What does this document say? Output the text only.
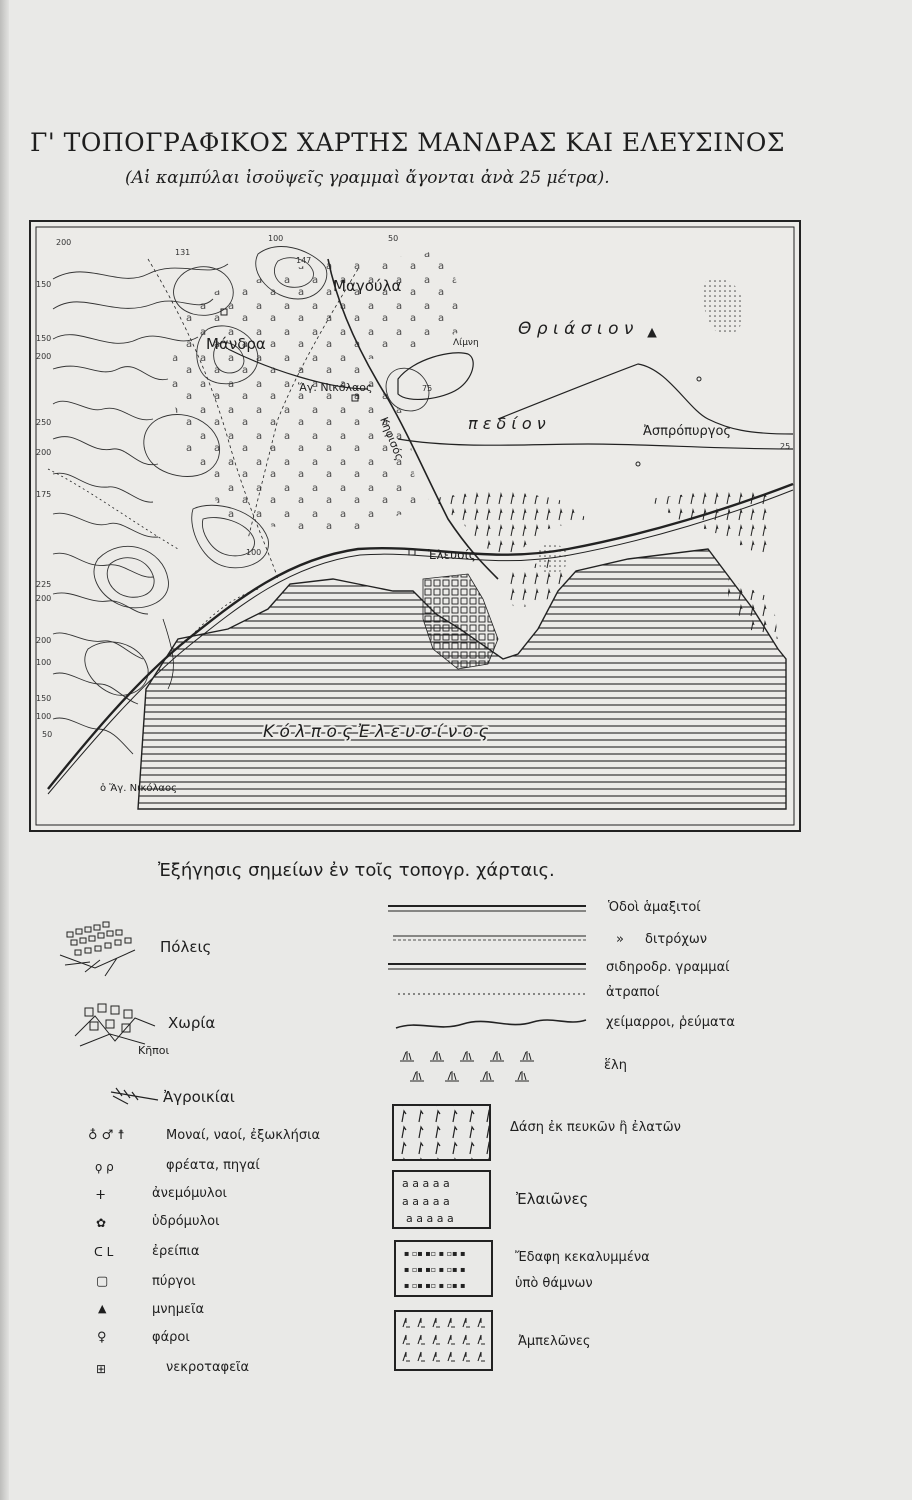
Γ' ΤΟΠΟΓΡΑΦΙΚΟΣ ΧΑΡΤΗΣ ΜΑΝΔΡΑΣ ΚΑΙ ΕΛΕΥΣΙΝΟΣ
(Αἱ καμπύλαι ἰσοϋψεῖς γραμμαὶ ἄγονται ἀνὰ 25 μέτρα).
Μαγούλα
Μάνδρα
Ἅγ. Νικόλαος
Θ ρ ι ά σ ι ο ν
Λίμνη
π ε δ ί ο ν	Ἀσπρόπυργος
Κηφισός
Ἐλευσίς
Κ ό λ π ο ς Ἐ λ ε υ σ ί ν ο ς
ὁ Ἅγ. Νικόλαος
200
131
100	50
147
75
100
150
150
200
250
200
175
225
200
200
100
150
100
50
25
Ἐξήγησις σημείων ἐν τοῖς τοπογρ. χάρταις.
Πόλεις
Χωρία
Κῆποι
Ἀγροικίαι
♁ ♂ ☨	Μοναί, ναοί, ἐξωκλήσια
ϙ ρ	φρέατα, πηγαί
ⵜ	ἀνεμόμυλοι
✿	ὑδρόμυλοι
ᑕ ᒪ	ἐρείπια
▢	πύργοι
▲	μνημεῖα
♀	φάροι
⊞	νεκροταφεῖα
Ὁδοὶ ἁμαξιτοί
» διτρόχων
σιδηροδρ. γραμμαί
ἀτραποί
χείμαρροι, ῥεύματα
ἕλη
Δάση ἐκ πευκῶν ἢ ἐλατῶν
a a a a a
a a a a a
a a a a a
Ἐλαιῶνες
▪ ▫▪ ▪▫ ▪ ▫▪ ▪
▪ ▫▪ ▪▫ ▪ ▫▪ ▪
▪ ▫▪ ▪▫ ▪ ▫▪ ▪
Ἔδαφη κεκαλυμμένα
ὑπὸ θάμνων
Ἀμπελῶνες
